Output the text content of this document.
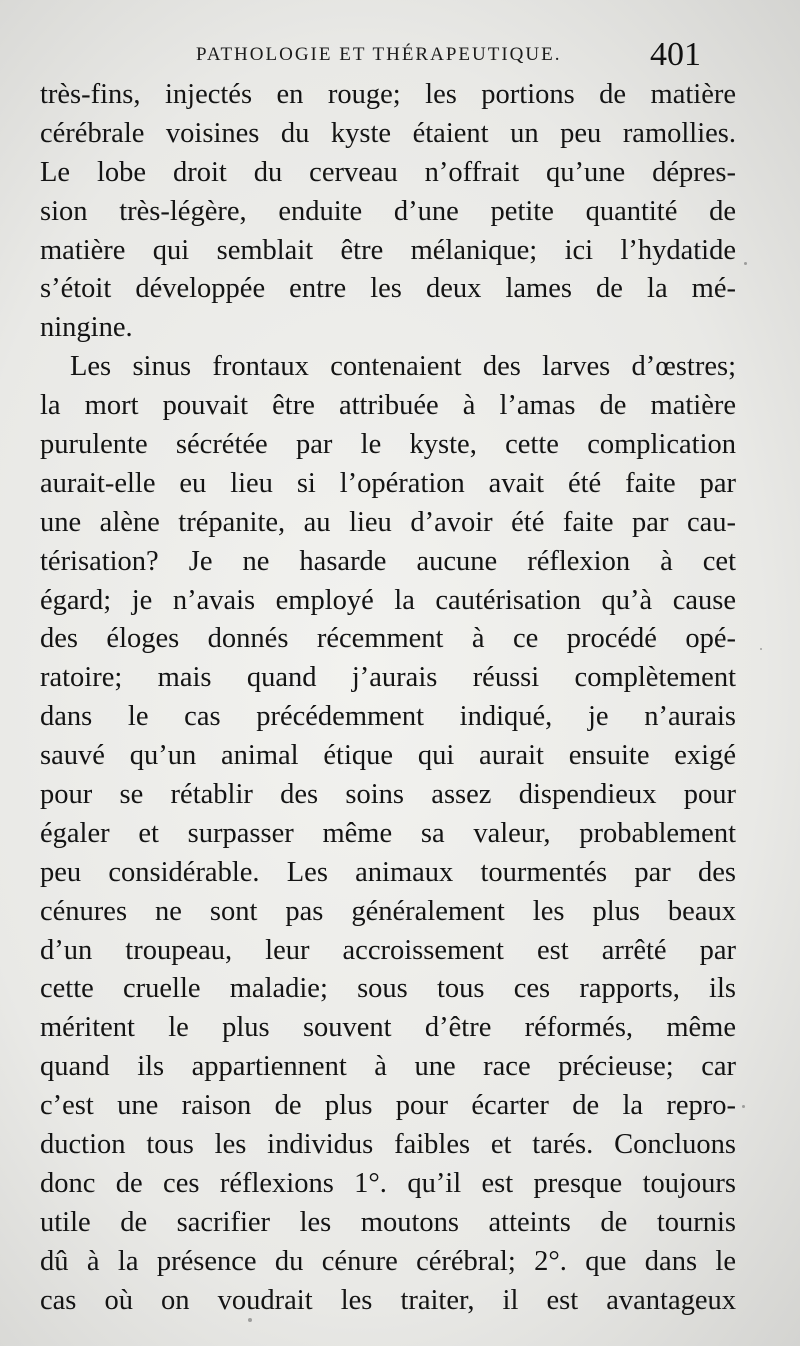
PATHOLOGIE ET THÉRAPEUTIQUE.	401
très-fins, injectés en rouge; les portions de matière
cérébrale voisines du kyste étaient un peu ramollies.
Le lobe droit du cerveau n’offrait qu’une dépres-
sion très-légère, enduite d’une petite quantité de
matière qui semblait être mélanique; ici l’hydatide
s’étoit développée entre les deux lames de la mé-
ningine.
Les sinus frontaux contenaient des larves d’œstres;
la mort pouvait être attribuée à l’amas de matière
purulente sécrétée par le kyste, cette complication
aurait-elle eu lieu si l’opération avait été faite par
une alène trépanite, au lieu d’avoir été faite par cau-
térisation? Je ne hasarde aucune réflexion à cet
égard; je n’avais employé la cautérisation qu’à cause
des éloges donnés récemment à ce procédé opé-
ratoire; mais quand j’aurais réussi complètement
dans le cas précédemment indiqué, je n’aurais
sauvé qu’un animal étique qui aurait ensuite exigé
pour se rétablir des soins assez dispendieux pour
égaler et surpasser même sa valeur, probablement
peu considérable. Les animaux tourmentés par des
cénures ne sont pas généralement les plus beaux
d’un troupeau, leur accroissement est arrêté par
cette cruelle maladie; sous tous ces rapports, ils
méritent le plus souvent d’être réformés, même
quand ils appartiennent à une race précieuse; car
c’est une raison de plus pour écarter de la repro-
duction tous les individus faibles et tarés. Concluons
donc de ces réflexions 1°. qu’il est presque toujours
utile de sacrifier les moutons atteints de tournis
dû à la présence du cénure cérébral; 2°. que dans le
cas où on voudrait les traiter, il est avantageux
